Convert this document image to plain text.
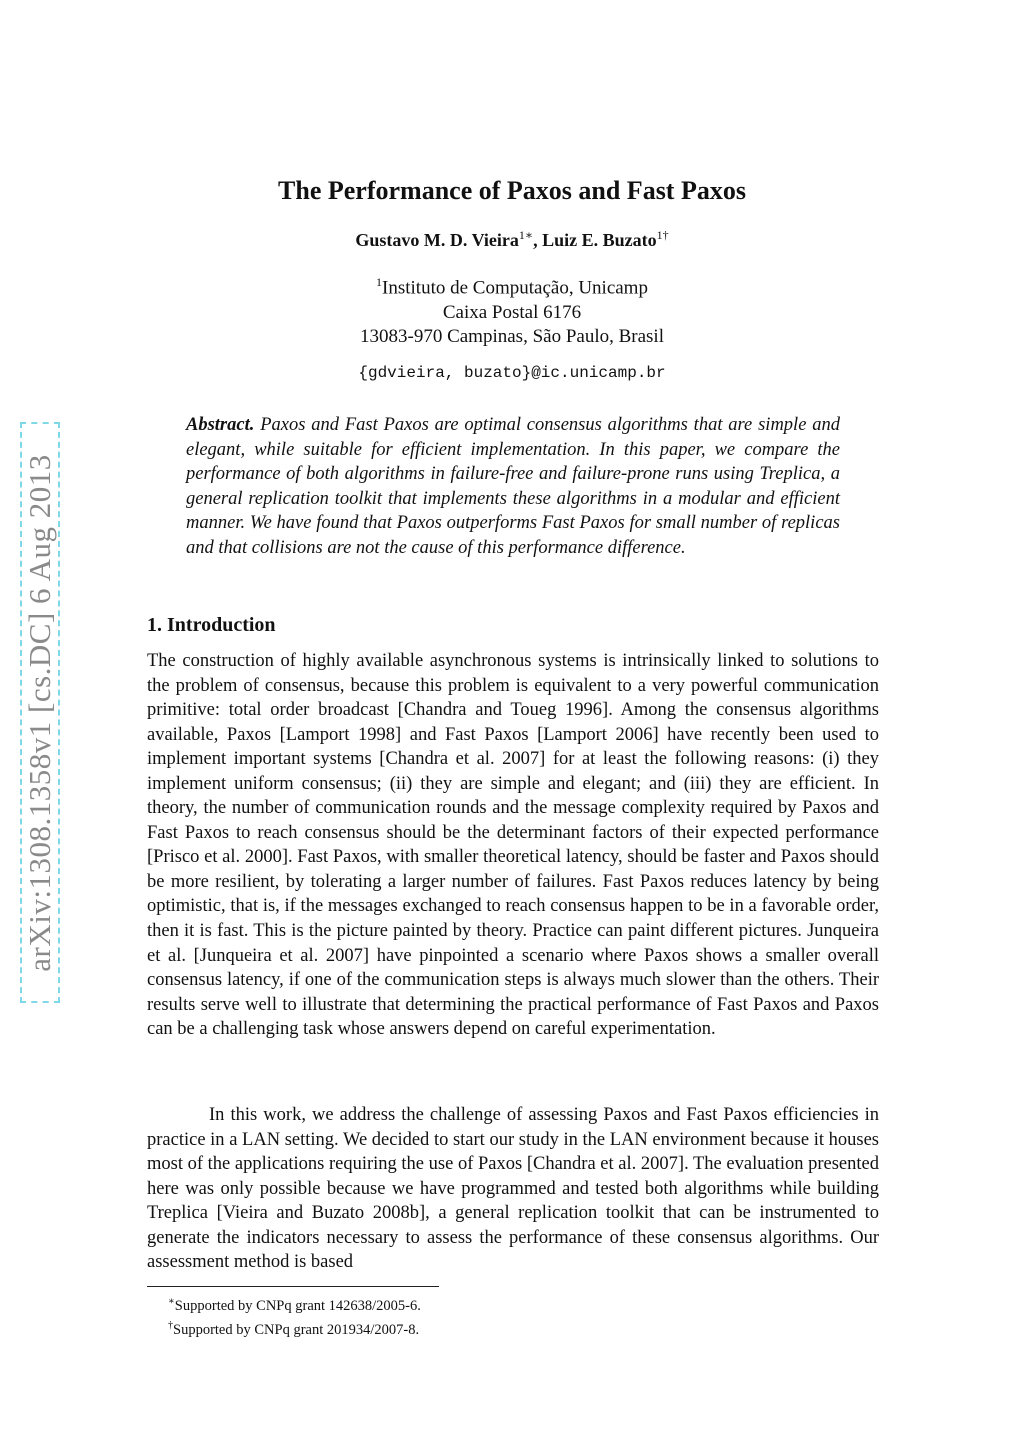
arXiv:1308.1358v1 [cs.DC] 6 Aug 2013
The Performance of Paxos and Fast Paxos
Gustavo M. D. Vieira$^{1∗}$, Luiz E. Buzato$^{1\dagger}$
$^1$Instituto de Computação, Unicamp
Caixa Postal 6176
13083-970 Campinas, São Paulo, Brasil
{gdvieira, buzato}@ic.unicamp.br
Abstract. Paxos and Fast Paxos are optimal consensus algorithms that are simple and elegant, while suitable for efficient implementation. In this paper, we compare the performance of both algorithms in failure-free and failure-prone runs using Treplica, a general replication toolkit that implements these algorithms in a modular and efficient manner. We have found that Paxos outperforms Fast Paxos for small number of replicas and that collisions are not the cause of this performance difference.
1. Introduction
The construction of highly available asynchronous systems is intrinsically linked to solutions to the problem of consensus, because this problem is equivalent to a very powerful communication primitive: total order broadcast [Chandra and Toueg 1996]. Among the consensus algorithms available, Paxos [Lamport 1998] and Fast Paxos [Lamport 2006] have recently been used to implement important systems [Chandra et al. 2007] for at least the following reasons: (i) they implement uniform consensus; (ii) they are simple and elegant; and (iii) they are efficient. In theory, the number of communication rounds and the message complexity required by Paxos and Fast Paxos to reach consensus should be the determinant factors of their expected performance [Prisco et al. 2000]. Fast Paxos, with smaller theoretical latency, should be faster and Paxos should be more resilient, by tolerating a larger number of failures. Fast Paxos reduces latency by being optimistic, that is, if the messages exchanged to reach consensus happen to be in a favorable order, then it is fast. This is the picture painted by theory. Practice can paint different pictures. Junqueira et al. [Junqueira et al. 2007] have pinpointed a scenario where Paxos shows a smaller overall consensus latency, if one of the communication steps is always much slower than the others. Their results serve well to illustrate that determining the practical performance of Fast Paxos and Paxos can be a challenging task whose answers depend on careful experimentation.
In this work, we address the challenge of assessing Paxos and Fast Paxos efficiencies in practice in a LAN setting. We decided to start our study in the LAN environment because it houses most of the applications requiring the use of Paxos [Chandra et al. 2007]. The evaluation presented here was only possible because we have programmed and tested both algorithms while building Treplica [Vieira and Buzato 2008b], a general replication toolkit that can be instrumented to generate the indicators necessary to assess the performance of these consensus algorithms. Our assessment method is based
∗Supported by CNPq grant 142638/2005-6.
†Supported by CNPq grant 201934/2007-8.
